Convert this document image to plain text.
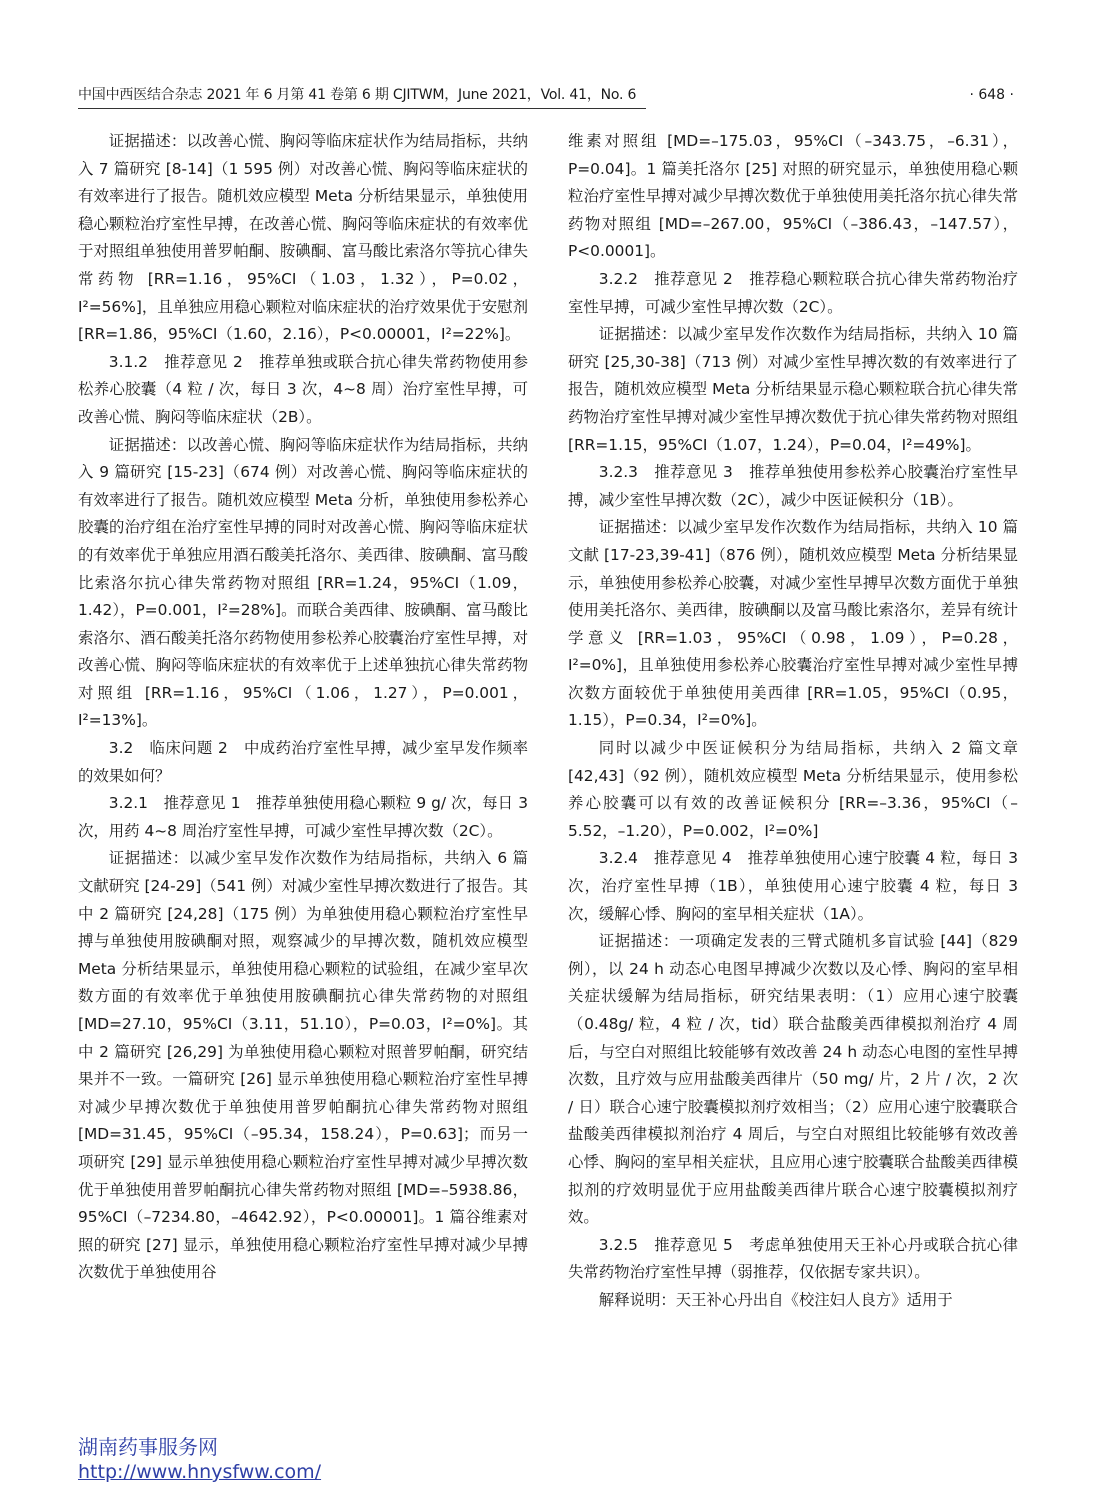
中国中西医结合杂志 2021 年 6 月第 41 卷第 6 期 CJITWM，June 2021，Vol. 41，No. 6	· 648 ·

证据描述：以改善心慌、胸闷等临床症状作为结局指标，共纳入 7 篇研究 [8-14]（1 595 例）对改善心慌、胸闷等临床症状的有效率进行了报告。随机效应模型 Meta 分析结果显示，单独使用稳心颗粒治疗室性早搏，在改善心慌、胸闷等临床症状的有效率优于对照组单独使用普罗帕酮、胺碘酮、富马酸比索洛尔等抗心律失常药物 [RR=1.16，95%CI（1.03，1.32），P=0.02，I²=56%]，且单独应用稳心颗粒对临床症状的治疗效果优于安慰剂 [RR=1.86，95%CI（1.60，2.16），P<0.00001，I²=22%]。

3.1.2　推荐意见 2　推荐单独或联合抗心律失常药物使用参松养心胶囊（4 粒 / 次，每日 3 次，4~8 周）治疗室性早搏，可改善心慌、胸闷等临床症状（2B）。

证据描述：以改善心慌、胸闷等临床症状作为结局指标，共纳入 9 篇研究 [15-23]（674 例）对改善心慌、胸闷等临床症状的有效率进行了报告。随机效应模型 Meta 分析，单独使用参松养心胶囊的治疗组在治疗室性早搏的同时对改善心慌、胸闷等临床症状的有效率优于单独应用酒石酸美托洛尔、美西律、胺碘酮、富马酸比索洛尔抗心律失常药物对照组 [RR=1.24，95%CI（1.09，1.42），P=0.001，I²=28%]。而联合美西律、胺碘酮、富马酸比索洛尔、酒石酸美托洛尔药物使用参松养心胶囊治疗室性早搏，对改善心慌、胸闷等临床症状的有效率优于上述单独抗心律失常药物对照组 [RR=1.16，95%CI（1.06，1.27），P=0.001，I²=13%]。

3.2　临床问题 2　中成药治疗室性早搏，减少室早发作频率的效果如何？

3.2.1　推荐意见 1　推荐单独使用稳心颗粒 9 g/ 次，每日 3 次，用药 4~8 周治疗室性早搏，可减少室性早搏次数（2C）。

证据描述：以减少室早发作次数作为结局指标，共纳入 6 篇文献研究 [24-29]（541 例）对减少室性早搏次数进行了报告。其中 2 篇研究 [24,28]（175 例）为单独使用稳心颗粒治疗室性早搏与单独使用胺碘酮对照，观察减少的早搏次数，随机效应模型 Meta 分析结果显示，单独使用稳心颗粒的试验组，在减少室早次数方面的有效率优于单独使用胺碘酮抗心律失常药物的对照组 [MD=27.10，95%CI（3.11，51.10），P=0.03，I²=0%]。其中 2 篇研究 [26,29] 为单独使用稳心颗粒对照普罗帕酮，研究结果并不一致。一篇研究 [26] 显示单独使用稳心颗粒治疗室性早搏对减少早搏次数优于单独使用普罗帕酮抗心律失常药物对照组 [MD=31.45，95%CI（–95.34，158.24），P=0.63]；而另一项研究 [29] 显示单独使用稳心颗粒治疗室性早搏对减少早搏次数优于单独使用普罗帕酮抗心律失常药物对照组 [MD=–5938.86，95%CI（–7234.80，–4642.92），P<0.00001]。1 篇谷维素对照的研究 [27] 显示，单独使用稳心颗粒治疗室性早搏对减少早搏次数优于单独使用谷

维素对照组 [MD=–175.03，95%CI（–343.75，–6.31），P=0.04]。1 篇美托洛尔 [25] 对照的研究显示，单独使用稳心颗粒治疗室性早搏对减少早搏次数优于单独使用美托洛尔抗心律失常药物对照组 [MD=–267.00，95%CI（–386.43，–147.57），P<0.0001]。

3.2.2　推荐意见 2　推荐稳心颗粒联合抗心律失常药物治疗室性早搏，可减少室性早搏次数（2C）。

证据描述：以减少室早发作次数作为结局指标，共纳入 10 篇研究 [25,30-38]（713 例）对减少室性早搏次数的有效率进行了报告，随机效应模型 Meta 分析结果显示稳心颗粒联合抗心律失常药物治疗室性早搏对减少室性早搏次数优于抗心律失常药物对照组 [RR=1.15，95%CI（1.07，1.24），P=0.04，I²=49%]。

3.2.3　推荐意见 3　推荐单独使用参松养心胶囊治疗室性早搏，减少室性早搏次数（2C），减少中医证候积分（1B）。

证据描述：以减少室早发作次数作为结局指标，共纳入 10 篇文献 [17-23,39-41]（876 例），随机效应模型 Meta 分析结果显示，单独使用参松养心胶囊，对减少室性早搏早次数方面优于单独使用美托洛尔、美西律，胺碘酮以及富马酸比索洛尔，差异有统计学意义 [RR=1.03，95%CI（0.98，1.09），P=0.28，I²=0%]，且单独使用参松养心胶囊治疗室性早搏对减少室性早搏次数方面较优于单独使用美西律 [RR=1.05，95%CI（0.95，1.15），P=0.34，I²=0%]。

同时以减少中医证候积分为结局指标，共纳入 2 篇文章 [42,43]（92 例），随机效应模型 Meta 分析结果显示，使用参松养心胶囊可以有效的改善证候积分 [RR=–3.36，95%CI（–5.52，–1.20），P=0.002，I²=0%]

3.2.4　推荐意见 4　推荐单独使用心速宁胶囊 4 粒，每日 3 次，治疗室性早搏（1B），单独使用心速宁胶囊 4 粒，每日 3 次，缓解心悸、胸闷的室早相关症状（1A）。

证据描述：一项确定发表的三臂式随机多盲试验 [44]（829 例），以 24 h 动态心电图早搏减少次数以及心悸、胸闷的室早相关症状缓解为结局指标，研究结果表明：（1）应用心速宁胶囊（0.48g/ 粒，4 粒 / 次，tid）联合盐酸美西律模拟剂治疗 4 周后，与空白对照组比较能够有效改善 24 h 动态心电图的室性早搏次数，且疗效与应用盐酸美西律片（50 mg/ 片，2 片 / 次，2 次 / 日）联合心速宁胶囊模拟剂疗效相当；（2）应用心速宁胶囊联合盐酸美西律模拟剂治疗 4 周后，与空白对照组比较能够有效改善心悸、胸闷的室早相关症状，且应用心速宁胶囊联合盐酸美西律模拟剂的疗效明显优于应用盐酸美西律片联合心速宁胶囊模拟剂疗效。

3.2.5　推荐意见 5　考虑单独使用天王补心丹或联合抗心律失常药物治疗室性早搏（弱推荐，仅依据专家共识）。

解释说明：天王补心丹出自《校注妇人良方》适用于

湖南药事服务网
http://www.hnysfww.com/
